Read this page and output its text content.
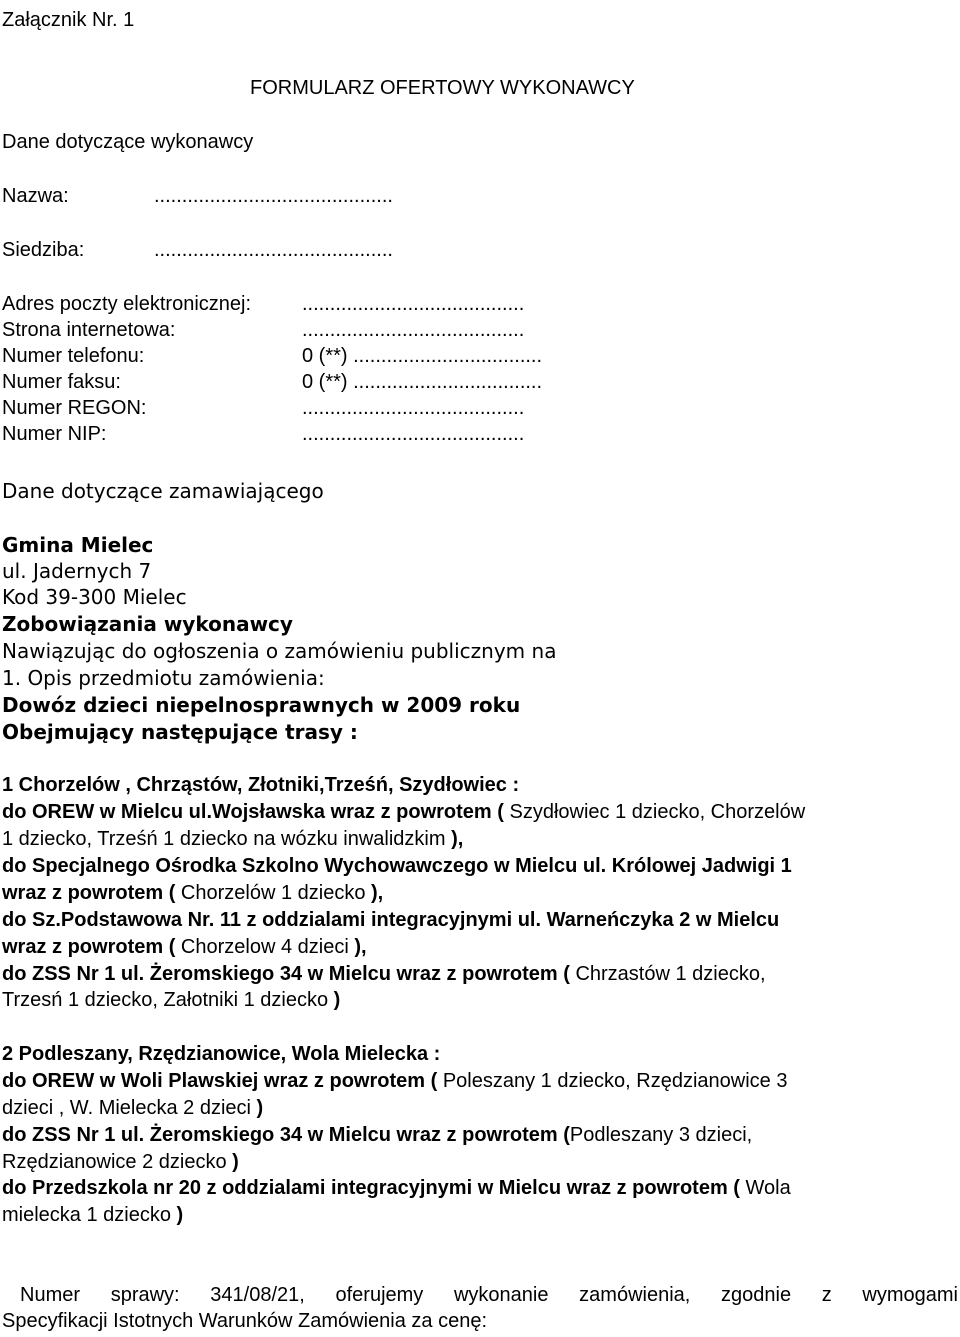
Załącznik Nr. 1
FORMULARZ OFERTOWY WYKONAWCY
Dane dotyczące wykonawcy
Nazwa:	...........................................
Siedziba:	...........................................
Adres poczty elektronicznej:	........................................
Strona internetowa:	........................................
Numer telefonu:	0 (**) ..................................
Numer faksu:	0 (**) ..................................
Numer REGON:	........................................
Numer NIP:	........................................
Dane dotyczące zamawiającego
Gmina Mielec
ul. Jadernych 7
Kod 39-300 Mielec
Zobowiązania wykonawcy
Nawiązując do ogłoszenia o zamówieniu publicznym na
1. Opis przedmiotu zamówienia:
Dowóz dzieci niepelnosprawnych w 2009 roku
Obejmujący następujące trasy :
1 Chorzelów , Chrząstów, Złotniki,Trześń, Szydłowiec :
do OREW w Mielcu ul.Wojsławska wraz z powrotem ( Szydłowiec 1 dziecko, Chorzelów
1 dziecko, Trześń 1 dziecko na wózku inwalidzkim ),
do Specjalnego Ośrodka Szkolno Wychowawczego w Mielcu ul. Królowej Jadwigi 1
wraz z powrotem ( Chorzelów 1 dziecko ),
do Sz.Podstawowa Nr. 11 z oddzialami integracyjnymi ul. Warneńczyka 2 w Mielcu
wraz z powrotem ( Chorzelow 4 dzieci ),
do ZSS Nr 1 ul. Żeromskiego 34 w Mielcu wraz z powrotem ( Chrzastów 1 dziecko,
Trzesń 1 dziecko, Załotniki 1 dziecko )
2 Podleszany, Rzędzianowice, Wola Mielecka :
do OREW w Woli Plawskiej wraz z powrotem ( Poleszany 1 dziecko, Rzędzianowice 3
dzieci , W. Mielecka 2 dzieci )
do ZSS Nr 1 ul. Żeromskiego 34 w Mielcu wraz z powrotem (Podleszany 3 dzieci,
Rzędzianowice 2 dziecko )
do Przedszkola nr 20 z oddzialami integracyjnymi w Mielcu wraz z powrotem ( Wola
mielecka 1 dziecko )
Numer sprawy: 341/08/21, oferujemy wykonanie zamówienia, zgodnie z wymogami
Specyfikacji Istotnych Warunków Zamówienia za cenę:
